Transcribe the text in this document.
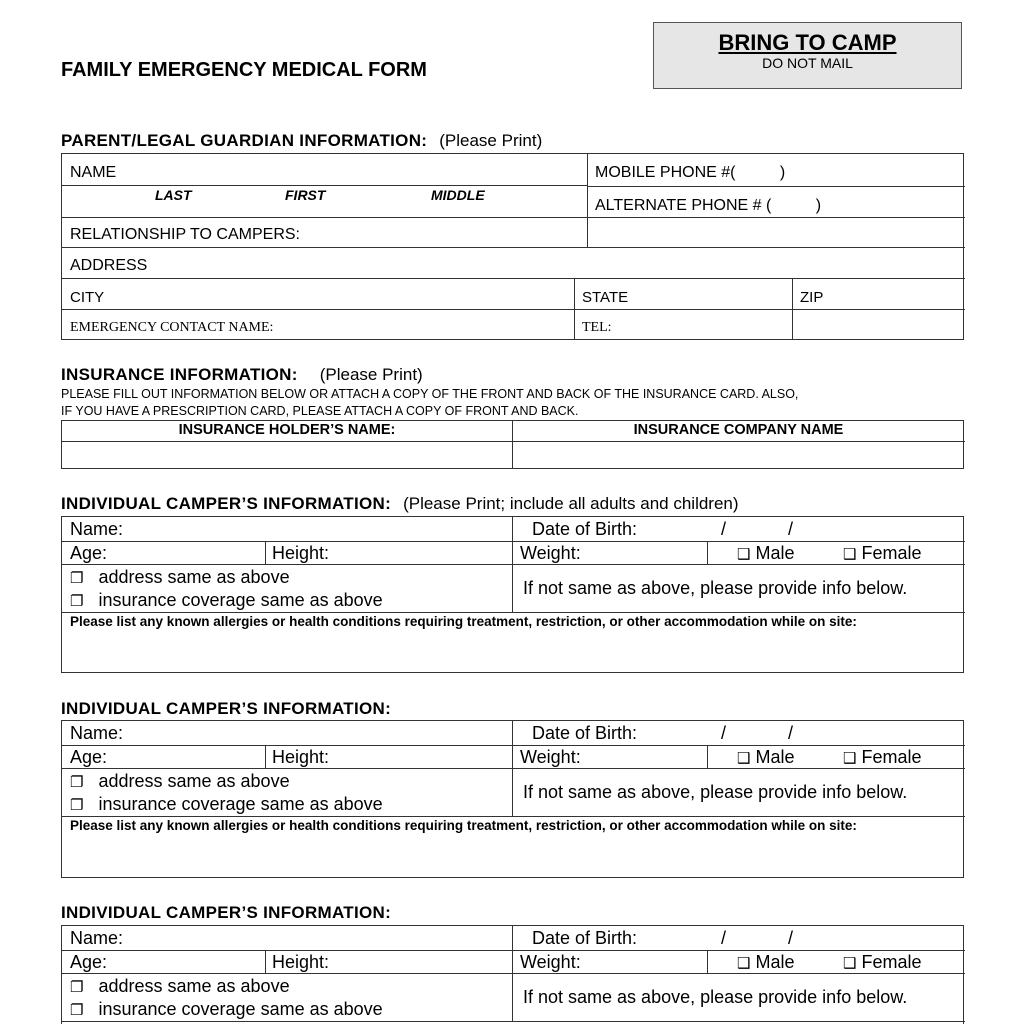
FAMILY EMERGENCY MEDICAL FORM
BRING TO CAMP
DO NOT MAIL
PARENT/LEGAL GUARDIAN INFORMATION: (Please Print)
NAME
LAST	FIRST	MIDDLE
MOBILE PHONE #(          )
ALTERNATE PHONE # (          )
RELATIONSHIP TO CAMPERS:
ADDRESS
CITY	STATE	ZIP
EMERGENCY CONTACT NAME:	TEL:
INSURANCE INFORMATION: (Please Print)
PLEASE FILL OUT INFORMATION BELOW OR ATTACH A COPY OF THE FRONT AND BACK OF THE INSURANCE CARD. ALSO,
IF YOU HAVE A PRESCRIPTION CARD, PLEASE ATTACH A COPY OF FRONT AND BACK.
INSURANCE HOLDER’S NAME:	INSURANCE COMPANY NAME
INDIVIDUAL CAMPER’S INFORMATION: (Please Print; include all adults and children)
Name:	Date of Birth:	/	/
Age:	Height:	Weight:	❑ Male	❑ Female
❐ address same as above
❐ insurance coverage same as above
If not same as above, please provide info below.
Please list any known allergies or health conditions requiring treatment, restriction, or other accommodation while on site:
INDIVIDUAL CAMPER’S INFORMATION:
Name:	Date of Birth:	/	/
Age:	Height:	Weight:	❑ Male	❑ Female
❐ address same as above
❐ insurance coverage same as above
If not same as above, please provide info below.
Please list any known allergies or health conditions requiring treatment, restriction, or other accommodation while on site:
INDIVIDUAL CAMPER’S INFORMATION:
Name:	Date of Birth:	/	/
Age:	Height:	Weight:	❑ Male	❑ Female
❐ address same as above
❐ insurance coverage same as above
If not same as above, please provide info below.
